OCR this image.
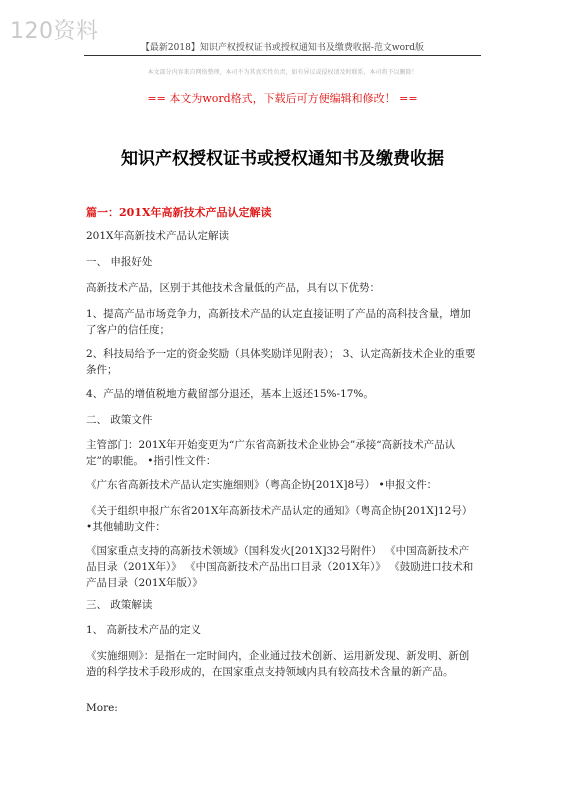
120资料
【最新2018】知识产权授权证书或授权通知书及缴费收据-范文word版
本文部分内容来自网络整理，本司不为其真实性负责，如有异议或侵权请及时联系，本司将予以删除！
== 本文为word格式，下载后可方便编辑和修改！ ==
知识产权授权证书或授权通知书及缴费收据
篇一：201X年高新技术产品认定解读
201X年高新技术产品认定解读
一、 申报好处
高新技术产品，区别于其他技术含量低的产品，具有以下优势：
1、提高产品市场竞争力，高新技术产品的认定直接证明了产品的高科技含量，增加了客户的信任度；
2、科技局给予一定的资金奖励（具体奖励详见附表）； 3、认定高新技术企业的重要条件；
4、产品的增值税地方截留部分退还，基本上返还15%-17%。
二、 政策文件
主管部门：201X年开始变更为“广东省高新技术企业协会”承接“高新技术产品认定”的职能。 •指引性文件：
《广东省高新技术产品认定实施细则》（粤高企协[201X]8号） •申报文件：
《关于组织申报广东省201X年高新技术产品认定的通知》（粤高企协[201X]12号） •其他辅助文件：
《国家重点支持的高新技术领域》（国科发火[201X]32号附件） 《中国高新技术产品目录（201X年）》 《中国高新技术产品出口目录（201X年）》 《鼓励进口技术和产品目录（201X年版）》
三、 政策解读
1、 高新技术产品的定义
《实施细则》：是指在一定时间内，企业通过技术创新、运用新发现、新发明、新创造的科学技术手段形成的，在国家重点支持领域内具有较高技术含量的新产品。
More:
